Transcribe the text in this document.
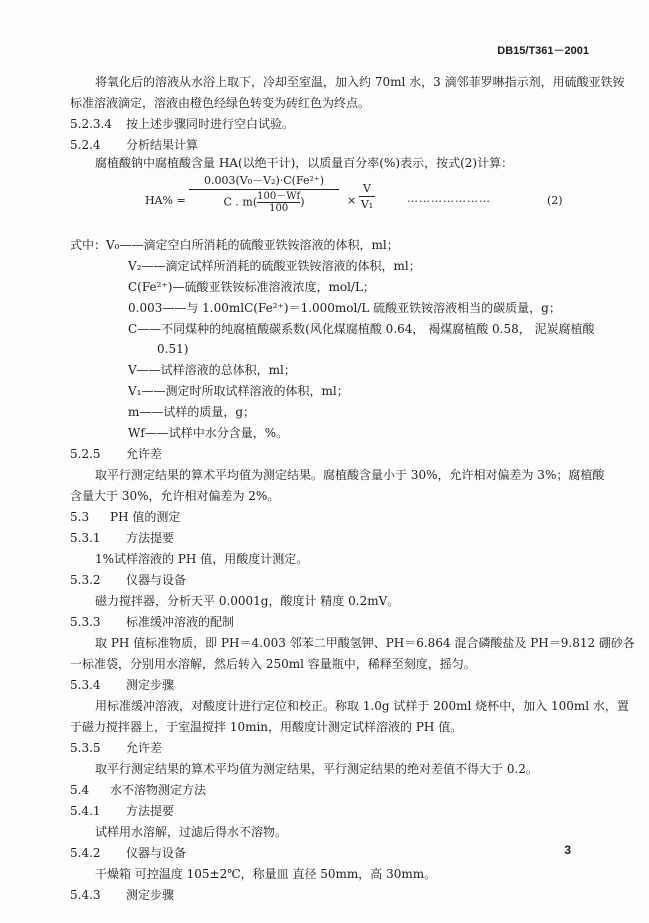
DB15/T361－2001
将氧化后的溶液从水浴上取下，冷却至室温，加入约 70ml 水，3 滴邻菲罗啉指示剂，用硫酸亚铁铵
标准溶液滴定，溶液由橙色经绿色转变为砖红色为终点。
5.2.3.4 按上述步骤同时进行空白试验。
5.2.4 分析结果计算
腐植酸钠中腐植酸含量 HA(以绝干计)，以质量百分率(%)表示，按式(2)计算：
HA% =
0.003(V₀－V₂)·C(Fe²⁺)
C . $m( \frac{100-Wf}{100}$ )	×
V
V₁	…………………	(2)
式中：V₀——滴定空白所消耗的硫酸亚铁铵溶液的体积，ml；
V₂——滴定试样所消耗的硫酸亚铁铵溶液的体积，ml；
C(Fe²⁺)—硫酸亚铁铵标准溶液浓度，mol/L；
0.003——与 1.00mlC(Fe²⁺)＝1.000mol/L 硫酸亚铁铵溶液相当的碳质量，g；
C——不同煤种的纯腐植酸碳系数(风化煤腐植酸 0.64， 褐煤腐植酸 0.58， 泥炭腐植酸
0.51)
V——试样溶液的总体积，ml；
V₁——测定时所取试样溶液的体积，ml；
m——试样的质量，g；
Wf——试样中水分含量，%。
5.2.5 允许差
取平行测定结果的算术平均值为测定结果。腐植酸含量小于 30%，允许相对偏差为 3%；腐植酸
含量大于 30%，允许相对偏差为 2%。
5.3 PH 值的测定
5.3.1 方法提要
1%试样溶液的 PH 值，用酸度计测定。
5.3.2 仪器与设备
磁力搅拌器，分析天平 0.0001g，酸度计 精度 0.2mV。
5.3.3 标准缓冲溶液的配制
取 PH 值标准物质，即 PH＝4.003 邻苯二甲酸氢钾、PH＝6.864 混合磷酸盐及 PH＝9.812 硼砂各
一标准袋，分别用水溶解，然后转入 250ml 容量瓶中，稀释至刻度，摇匀。
5.3.4 测定步骤
用标准缓冲溶液，对酸度计进行定位和校正。称取 1.0g 试样于 200ml 烧杯中，加入 100ml 水，置
于磁力搅拌器上，于室温搅拌 10min，用酸度计测定试样溶液的 PH 值。
5.3.5 允许差
取平行测定结果的算术平均值为测定结果，平行测定结果的绝对差值不得大于 0.2。
5.4 水不溶物测定方法
5.4.1 方法提要
试样用水溶解，过滤后得水不溶物。
5.4.2 仪器与设备
干燥箱 可控温度 105±2℃，称量皿 直径 50mm，高 30mm。
5.4.3 测定步骤
3
